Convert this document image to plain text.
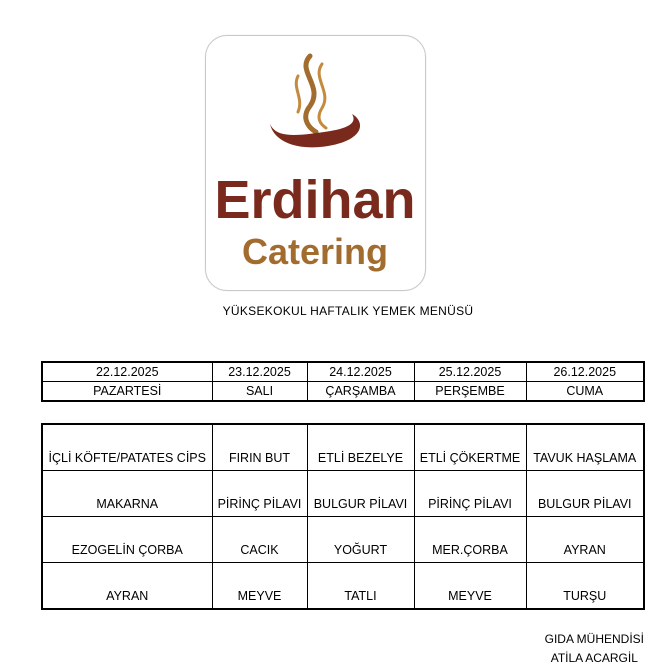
Erdihan
Catering
YÜKSEKOKUL HAFTALIK YEMEK MENÜSÜ
22.12.2025	23.12.2025	24.12.2025	25.12.2025	26.12.2025
PAZARTESİ	SALI	ÇARŞAMBA	PERŞEMBE	CUMA
İÇLİ KÖFTE/PATATES CİPS	FIRIN BUT	ETLİ BEZELYE	ETLİ ÇÖKERTME	TAVUK HAŞLAMA
MAKARNA	PİRİNÇ PİLAVI	BULGUR PİLAVI	PİRİNÇ PİLAVI	BULGUR PİLAVI
EZOGELİN ÇORBA	CACIK	YOĞURT	MER.ÇORBA	AYRAN
AYRAN	MEYVE	TATLI	MEYVE	TURŞU
GIDA MÜHENDİSİ
ATİLA ACARGİL
